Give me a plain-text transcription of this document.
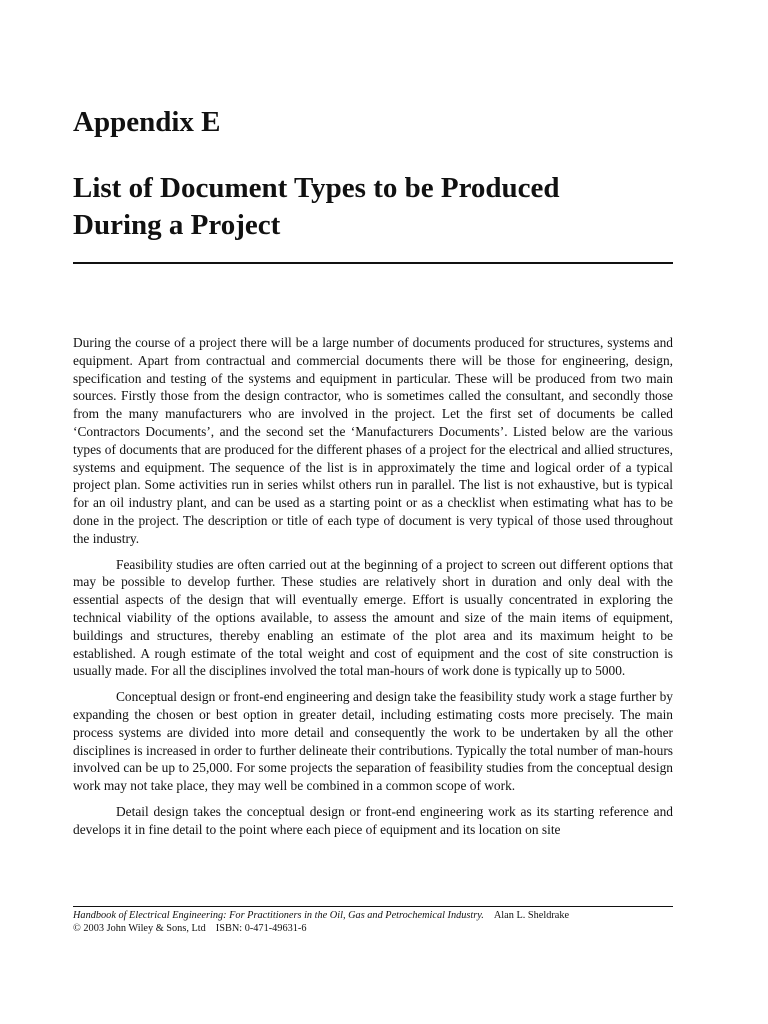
Appendix E
List of Document Types to be Produced
During a Project

During the course of a project there will be a large number of documents produced for structures, systems and equipment. Apart from contractual and commercial documents there will be those for engineering, design, specification and testing of the systems and equipment in particular. These will be produced from two main sources. Firstly those from the design contractor, who is sometimes called the consultant, and secondly those from the many manufacturers who are involved in the project. Let the first set of documents be called ‘Contractors Documents’, and the second set the ‘Manufacturers Documents’. Listed below are the various types of documents that are produced for the different phases of a project for the electrical and allied structures, systems and equipment. The sequence of the list is in approximately the time and logical order of a typical project plan. Some activities run in series whilst others run in parallel. The list is not exhaustive, but is typical for an oil industry plant, and can be used as a starting point or as a checklist when estimating what has to be done in the project. The description or title of each type of document is very typical of those used throughout the industry.

Feasibility studies are often carried out at the beginning of a project to screen out different options that may be possible to develop further. These studies are relatively short in duration and only deal with the essential aspects of the design that will eventually emerge. Effort is usually concentrated in exploring the technical viability of the options available, to assess the amount and size of the main items of equipment, buildings and structures, thereby enabling an estimate of the plot area and its maximum height to be established. A rough estimate of the total weight and cost of equipment and the cost of site construction is usually made. For all the disciplines involved the total man-hours of work done is typically up to 5000.

Conceptual design or front-end engineering and design take the feasibility study work a stage further by expanding the chosen or best option in greater detail, including estimating costs more precisely. The main process systems are divided into more detail and consequently the work to be undertaken by all the other disciplines is increased in order to further delineate their contributions. Typically the total number of man-hours involved can be up to 25,000. For some projects the separation of feasibility studies from the conceptual design work may not take place, they may well be combined in a common scope of work.

Detail design takes the conceptual design or front-end engineering work as its starting reference and develops it in fine detail to the point where each piece of equipment and its location on site

Handbook of Electrical Engineering: For Practitioners in the Oil, Gas and Petrochemical Industry. Alan L. Sheldrake
© 2003 John Wiley & Sons, Ltd ISBN: 0-471-49631-6
